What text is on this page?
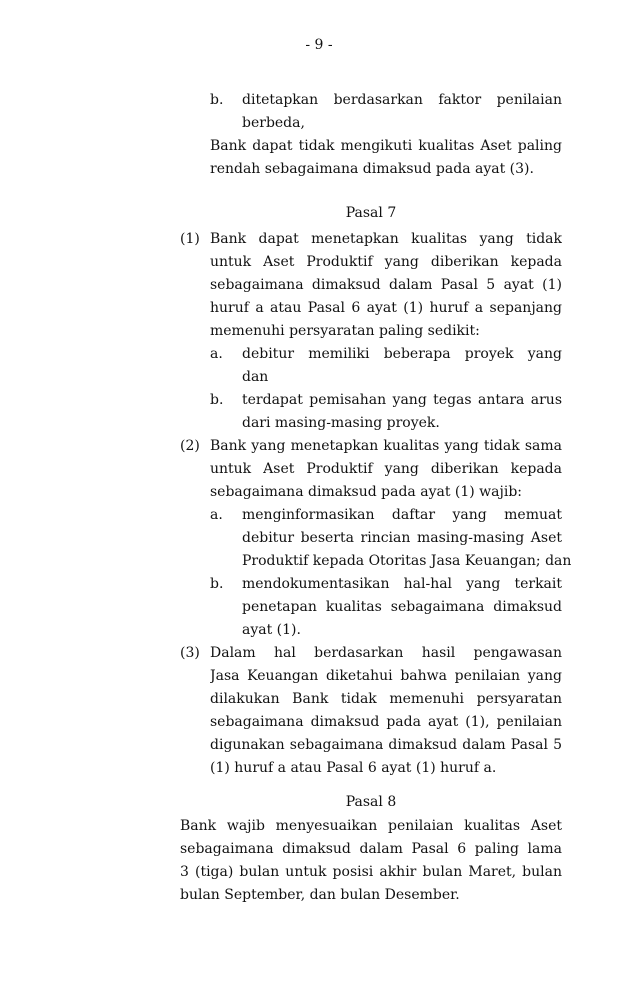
- 9 -
b. ditetapkan berdasarkan faktor penilaian
berbeda,
Bank dapat tidak mengikuti kualitas Aset paling
rendah sebagaimana dimaksud pada ayat (3).
Pasal 7
(1) Bank dapat menetapkan kualitas yang tidak
untuk Aset Produktif yang diberikan kepada
sebagaimana dimaksud dalam Pasal 5 ayat (1)
huruf a atau Pasal 6 ayat (1) huruf a sepanjang
memenuhi persyaratan paling sedikit:
a. debitur memiliki beberapa proyek yang
dan
b. terdapat pemisahan yang tegas antara arus
dari masing-masing proyek.
(2) Bank yang menetapkan kualitas yang tidak sama
untuk Aset Produktif yang diberikan kepada
sebagaimana dimaksud pada ayat (1) wajib:
a. menginformasikan daftar yang memuat
debitur beserta rincian masing-masing Aset
Produktif kepada Otoritas Jasa Keuangan; dan
b. mendokumentasikan hal-hal yang terkait
penetapan kualitas sebagaimana dimaksud
ayat (1).
(3) Dalam hal berdasarkan hasil pengawasan
Jasa Keuangan diketahui bahwa penilaian yang
dilakukan Bank tidak memenuhi persyaratan
sebagaimana dimaksud pada ayat (1), penilaian
digunakan sebagaimana dimaksud dalam Pasal 5
(1) huruf a atau Pasal 6 ayat (1) huruf a.
Pasal 8
Bank wajib menyesuaikan penilaian kualitas Aset
sebagaimana dimaksud dalam Pasal 6 paling lama
3 (tiga) bulan untuk posisi akhir bulan Maret, bulan
bulan September, dan bulan Desember.
